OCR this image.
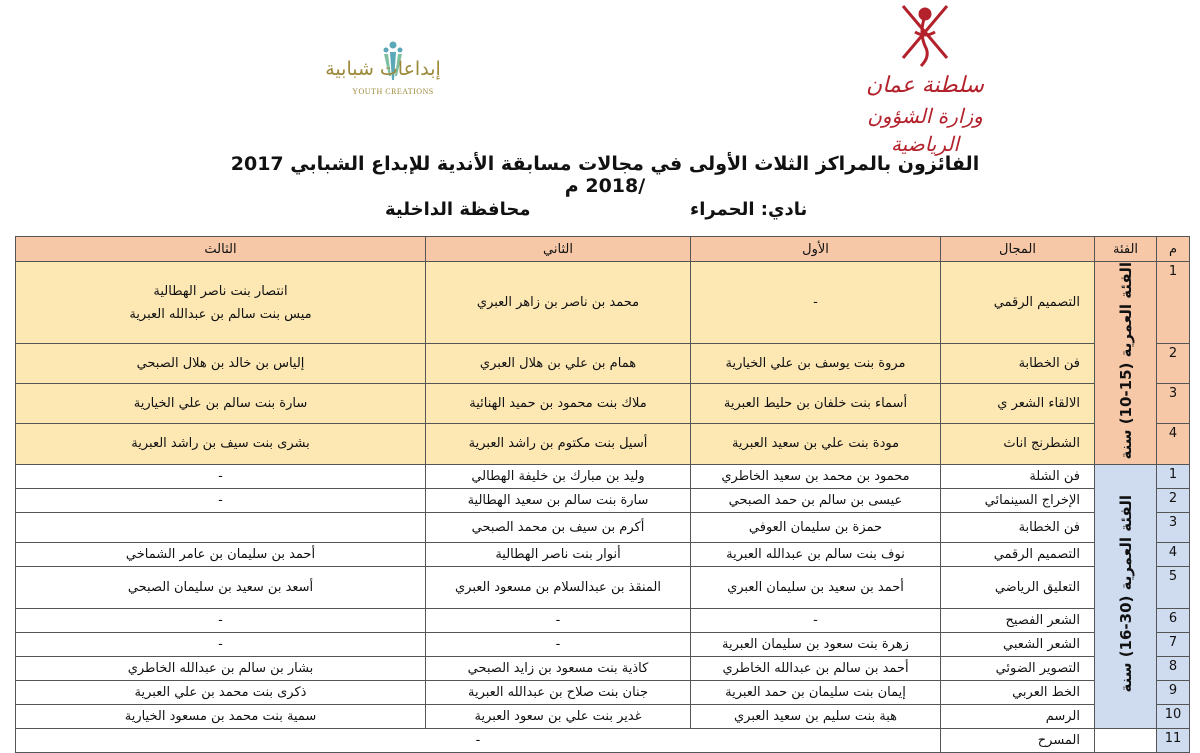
سلطنة عمان
وزارة الشؤون الرياضية
إبداعات شبابية
YOUTH CREATIONS
الفائزون بالمراكز الثلاث الأولى في مجالات مسابقة الأندية للإبداع الشبابي 2017 /2018 م
نادي: الحمراء
محافظة الداخلية
م	الفئة	المجال	الأول	الثاني	الثالث
1	الفئة العمرية (15-10) سنة	التصميم الرقمي	-	محمد بن ناصر بن زاهر العبري	انتصار بنت ناصر الهطالية
ميس بنت سالم بن عبدالله العبرية

2		فن الخطابة	مروة بنت يوسف بن علي الخيارية	همام بن علي بن هلال العبري	إلياس بن خالد بن هلال الصبحي
3		الالقاء الشعر ي	أسماء بنت خلفان بن حليط العبرية	ملاك بنت محمود بن حميد الهنائية	سارة بنت سالم بن علي الخيارية
4		الشطرنج اناث	مودة بنت علي بن سعيد العبرية	أسيل بنت مكتوم بن راشد العبرية	بشرى بنت سيف بن راشد العبرية
1	الفئة العمرية (30-16) سنة	فن الشلة	محمود بن محمد بن سعيد الخاطري	وليد بن مبارك بن خليفة الهطالي	-
2		الإخراج السينمائي	عيسى بن سالم بن حمد الصبحي	سارة بنت سالم بن سعيد الهطالية	-
3		فن الخطابة	حمزة بن سليمان العوفي	أكرم بن سيف بن محمد الصبحي	
4		التصميم الرقمي	نوف بنت سالم بن عبدالله العبرية	أنوار بنت ناصر الهطالية	أحمد بن سليمان بن عامر الشماخي
5		التعليق الرياضي	أحمد بن سعيد بن سليمان العبري	المنقذ بن عبدالسلام بن مسعود العبري	أسعد بن سعيد بن سليمان الصبحي
6		الشعر الفصيح	-	-	-
7		الشعر الشعبي	زهرة بنت سعود بن سليمان العبرية	-	-
8		التصوير الضوئي	أحمد بن سالم بن عبدالله الخاطري	كاذية بنت مسعود بن زايد الصبحي	بشار بن سالم بن عبدالله الخاطري
9		الخط العربي	إيمان بنت سليمان بن حمد العبرية	جنان بنت صلاح بن عبدالله العبرية	ذكرى بنت محمد بن علي العبرية
10		الرسم	هبة بنت سليم بن سعيد العبري	غدير بنت علي بن سعود العبرية	سمية بنت محمد بن مسعود الخيارية
11		المسرح	-		
